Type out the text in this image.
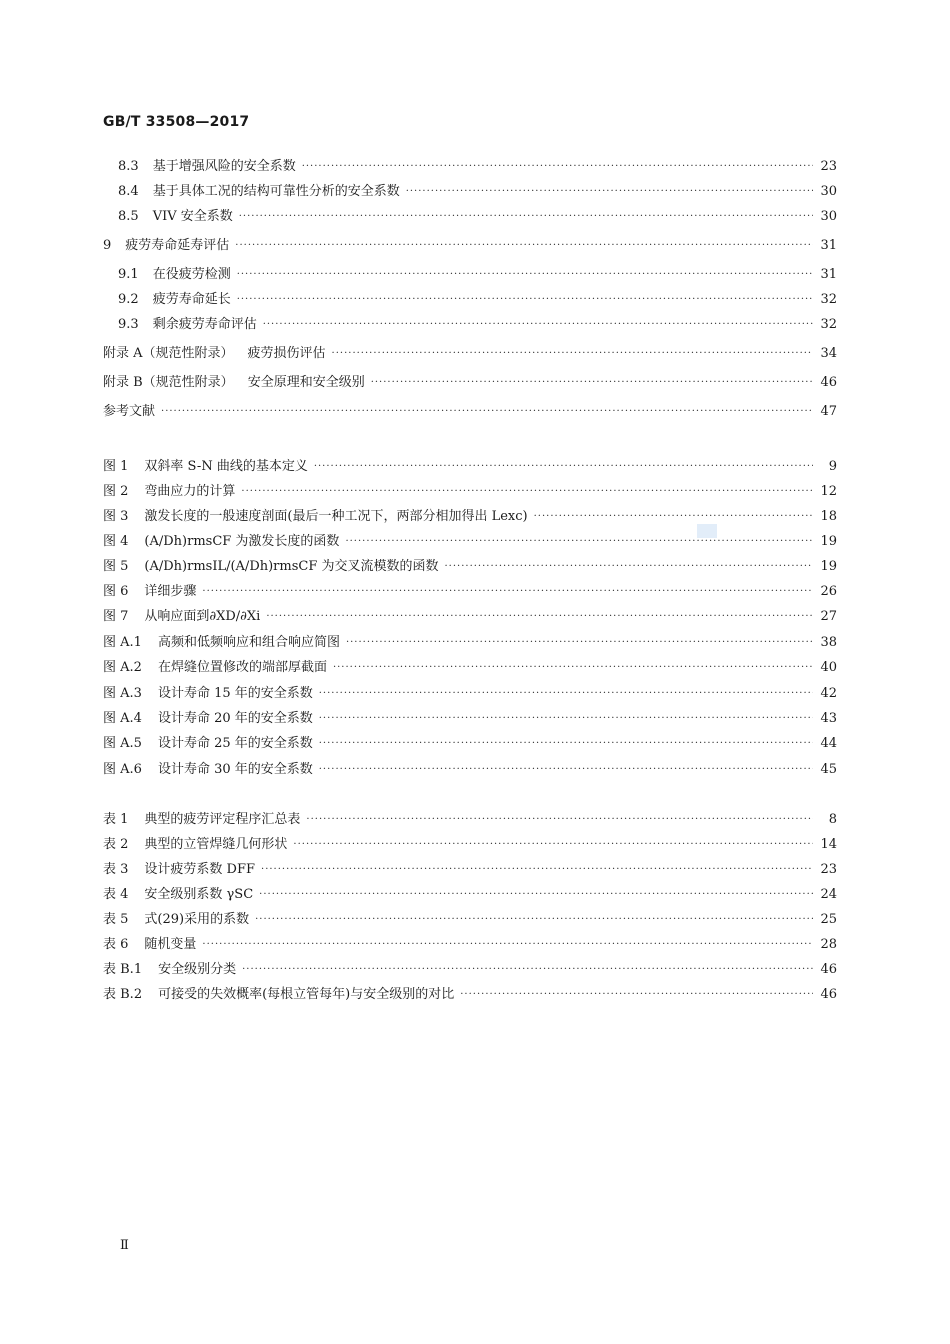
GB/T 33508—2017
8.3 基于增强风险的安全系数 ·····	23
8.4 基于具体工况的结构可靠性分析的安全系数 ·····	30
8.5 VIV 安全系数 ·····	30
9 疲劳寿命延寿评估 ·····	31
9.1 在役疲劳检测 ·····	31
9.2 疲劳寿命延长 ·····	32
9.3 剩余疲劳寿命评估 ·····	32
附录 A（规范性附录） 疲劳损伤评估 ·····	34
附录 B（规范性附录） 安全原理和安全级别 ·····	46
参考文献 ·····	47
图 1 双斜率 S-N 曲线的基本定义 ·····	9
图 2 弯曲应力的计算 ·····	12
图 3 激发长度的一般速度剖面(最后一种工况下，两部分相加得出 Lexc) ·····	18
图 4 (A/Dh)rmsCF 为激发长度的函数 ·····	19
图 5 (A/Dh)rmsIL/(A/Dh)rmsCF 为交叉流模数的函数 ·····	19
图 6 详细步骤 ·····	26
图 7 从响应面到∂XD/∂Xi ·····	27
图 A.1 高频和低频响应和组合响应简图 ·····	38
图 A.2 在焊缝位置修改的端部厚截面 ·····	40
图 A.3 设计寿命 15 年的安全系数 ·····	42
图 A.4 设计寿命 20 年的安全系数 ·····	43
图 A.5 设计寿命 25 年的安全系数 ·····	44
图 A.6 设计寿命 30 年的安全系数 ·····	45
表 1 典型的疲劳评定程序汇总表 ·····	8
表 2 典型的立管焊缝几何形状 ·····	14
表 3 设计疲劳系数 DFF ·····	23
表 4 安全级别系数 γSC ·····	24
表 5 式(29)采用的系数 ·····	25
表 6 随机变量 ·····	28
表 B.1 安全级别分类 ·····	46
表 B.2 可接受的失效概率(每根立管每年)与安全级别的对比 ·····	46
Ⅱ
